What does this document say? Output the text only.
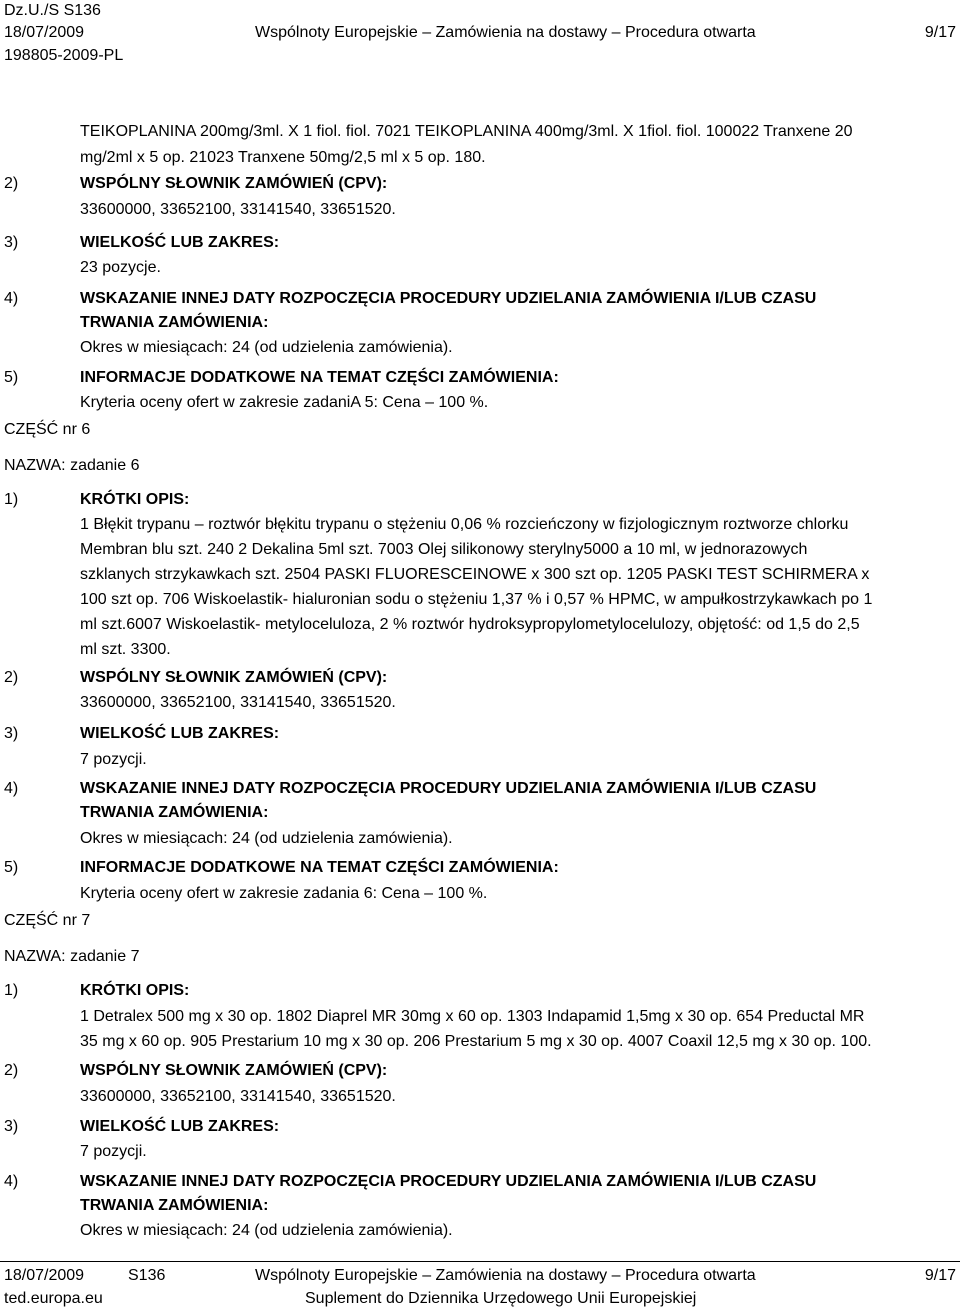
Dz.U./S S136
18/07/2009	Wspólnoty Europejskie – Zamówienia na dostawy – Procedura otwarta	9/17
198805-2009-PL
TEIKOPLANINA 200mg/3ml. X 1 fiol. fiol. 7021 TEIKOPLANINA 400mg/3ml. X 1fiol. fiol. 100022 Tranxene 20
mg/2ml x 5 op. 21023 Tranxene 50mg/2,5 ml x 5 op. 180.
2)	WSPÓLNY SŁOWNIK ZAMÓWIEŃ (CPV):
33600000, 33652100, 33141540, 33651520.
3)	WIELKOŚĆ LUB ZAKRES:
23 pozycje.
4)	WSKAZANIE INNEJ DATY ROZPOCZĘCIA PROCEDURY UDZIELANIA ZAMÓWIENIA I/LUB CZASU
TRWANIA ZAMÓWIENIA:
Okres w miesiącach: 24 (od udzielenia zamówienia).
5)	INFORMACJE DODATKOWE NA TEMAT CZĘŚCI ZAMÓWIENIA:
Kryteria oceny ofert w zakresie zadaniA 5: Cena – 100 %.
CZĘŚĆ nr 6
NAZWA: zadanie 6
1)	KRÓTKI OPIS:
1 Błękit trypanu – roztwór błękitu trypanu o stężeniu 0,06 % rozcieńczony w fizjologicznym roztworze chlorku
Membran blu szt. 240 2 Dekalina 5ml szt. 7003 Olej silikonowy sterylny5000 a 10 ml, w jednorazowych
szklanych strzykawkach szt. 2504 PASKI FLUORESCEINOWE x 300 szt op. 1205 PASKI TEST SCHIRMERA x
100 szt op. 706 Wiskoelastik- hialuronian sodu o stężeniu 1,37 % i 0,57 % HPMC, w ampułkostrzykawkach po 1
ml szt.6007 Wiskoelastik- metyloceluloza, 2 % roztwór hydroksypropylometylocelulozy, objętość: od 1,5 do 2,5
ml szt. 3300.
2)	WSPÓLNY SŁOWNIK ZAMÓWIEŃ (CPV):
33600000, 33652100, 33141540, 33651520.
3)	WIELKOŚĆ LUB ZAKRES:
7 pozycji.
4)	WSKAZANIE INNEJ DATY ROZPOCZĘCIA PROCEDURY UDZIELANIA ZAMÓWIENIA I/LUB CZASU
TRWANIA ZAMÓWIENIA:
Okres w miesiącach: 24 (od udzielenia zamówienia).
5)	INFORMACJE DODATKOWE NA TEMAT CZĘŚCI ZAMÓWIENIA:
Kryteria oceny ofert w zakresie zadania 6: Cena – 100 %.
CZĘŚĆ nr 7
NAZWA: zadanie 7
1)	KRÓTKI OPIS:
1 Detralex 500 mg x 30 op. 1802 Diaprel MR 30mg x 60 op. 1303 Indapamid 1,5mg x 30 op. 654 Preductal MR
35 mg x 60 op. 905 Prestarium 10 mg x 30 op. 206 Prestarium 5 mg x 30 op. 4007 Coaxil 12,5 mg x 30 op. 100.
2)	WSPÓLNY SŁOWNIK ZAMÓWIEŃ (CPV):
33600000, 33652100, 33141540, 33651520.
3)	WIELKOŚĆ LUB ZAKRES:
7 pozycji.
4)	WSKAZANIE INNEJ DATY ROZPOCZĘCIA PROCEDURY UDZIELANIA ZAMÓWIENIA I/LUB CZASU
TRWANIA ZAMÓWIENIA:
Okres w miesiącach: 24 (od udzielenia zamówienia).
18/07/2009	S136	Wspólnoty Europejskie – Zamówienia na dostawy – Procedura otwarta	9/17
ted.europa.eu	Suplement do Dziennika Urzędowego Unii Europejskiej
